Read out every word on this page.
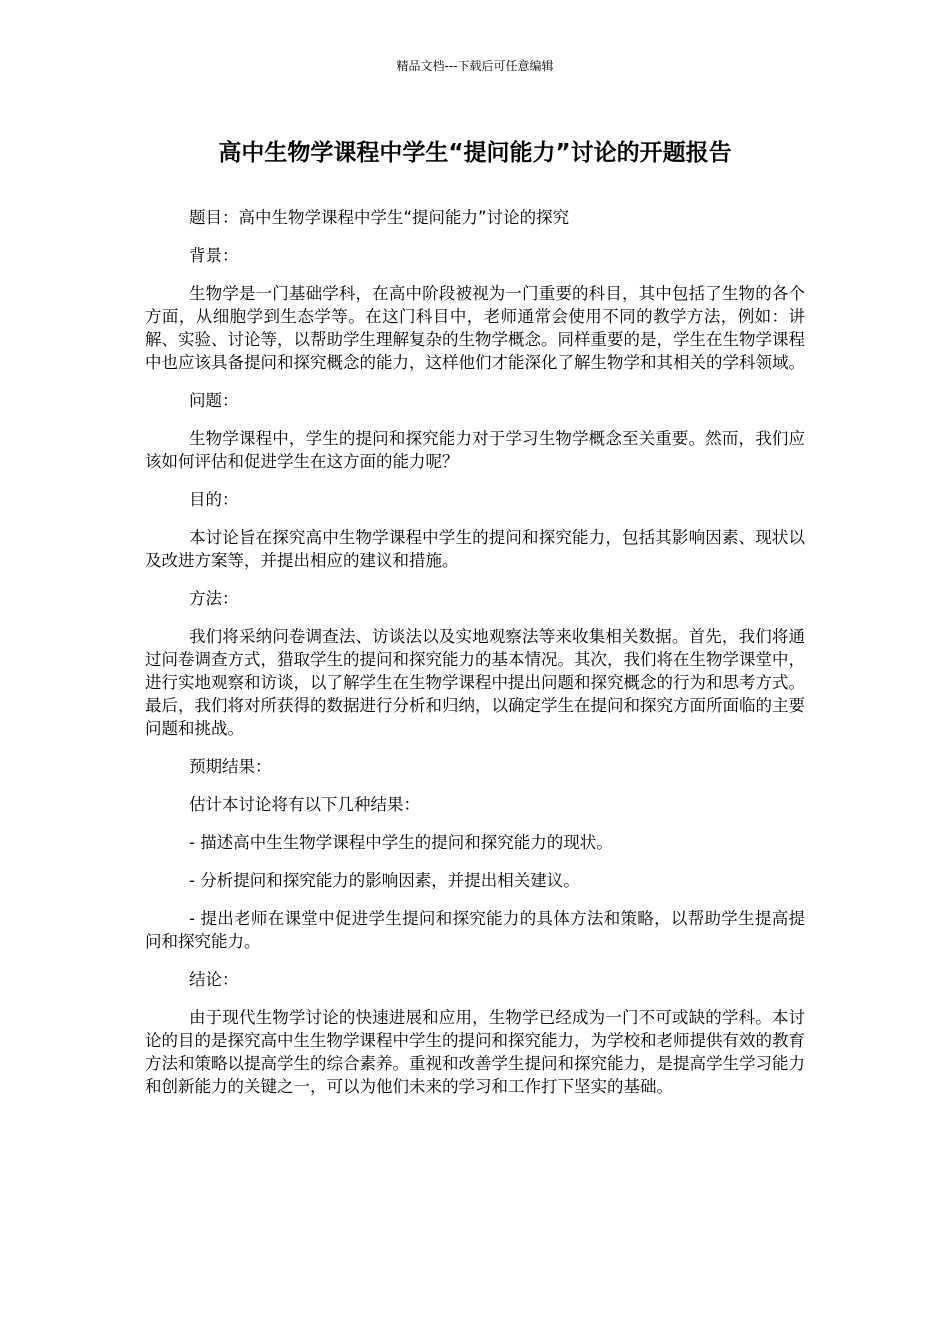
精品文档---下载后可任意编辑
高中生物学课程中学生“提问能力”讨论的开题报告

题目：高中生物学课程中学生“提问能力”讨论的探究

背景：

生物学是一门基础学科，在高中阶段被视为一门重要的科目，其中包括了生物的各个方面，从细胞学到生态学等。在这门科目中，老师通常会使用不同的教学方法，例如：讲解、实验、讨论等，以帮助学生理解复杂的生物学概念。同样重要的是，学生在生物学课程中也应该具备提问和探究概念的能力，这样他们才能深化了解生物学和其相关的学科领域。

问题：

生物学课程中，学生的提问和探究能力对于学习生物学概念至关重要。然而，我们应该如何评估和促进学生在这方面的能力呢？

目的：

本讨论旨在探究高中生物学课程中学生的提问和探究能力，包括其影响因素、现状以及改进方案等，并提出相应的建议和措施。

方法：

我们将采纳问卷调查法、访谈法以及实地观察法等来收集相关数据。首先，我们将通过问卷调查方式，猎取学生的提问和探究能力的基本情况。其次，我们将在生物学课堂中，进行实地观察和访谈，以了解学生在生物学课程中提出问题和探究概念的行为和思考方式。最后，我们将对所获得的数据进行分析和归纳，以确定学生在提问和探究方面所面临的主要问题和挑战。

预期结果：

估计本讨论将有以下几种结果：

- 描述高中生生物学课程中学生的提问和探究能力的现状。

- 分析提问和探究能力的影响因素，并提出相关建议。

- 提出老师在课堂中促进学生提问和探究能力的具体方法和策略，以帮助学生提高提问和探究能力。

结论：

由于现代生物学讨论的快速进展和应用，生物学已经成为一门不可或缺的学科。本讨论的目的是探究高中生生物学课程中学生的提问和探究能力，为学校和老师提供有效的教育方法和策略以提高学生的综合素养。重视和改善学生提问和探究能力，是提高学生学习能力和创新能力的关键之一，可以为他们未来的学习和工作打下坚实的基础。
